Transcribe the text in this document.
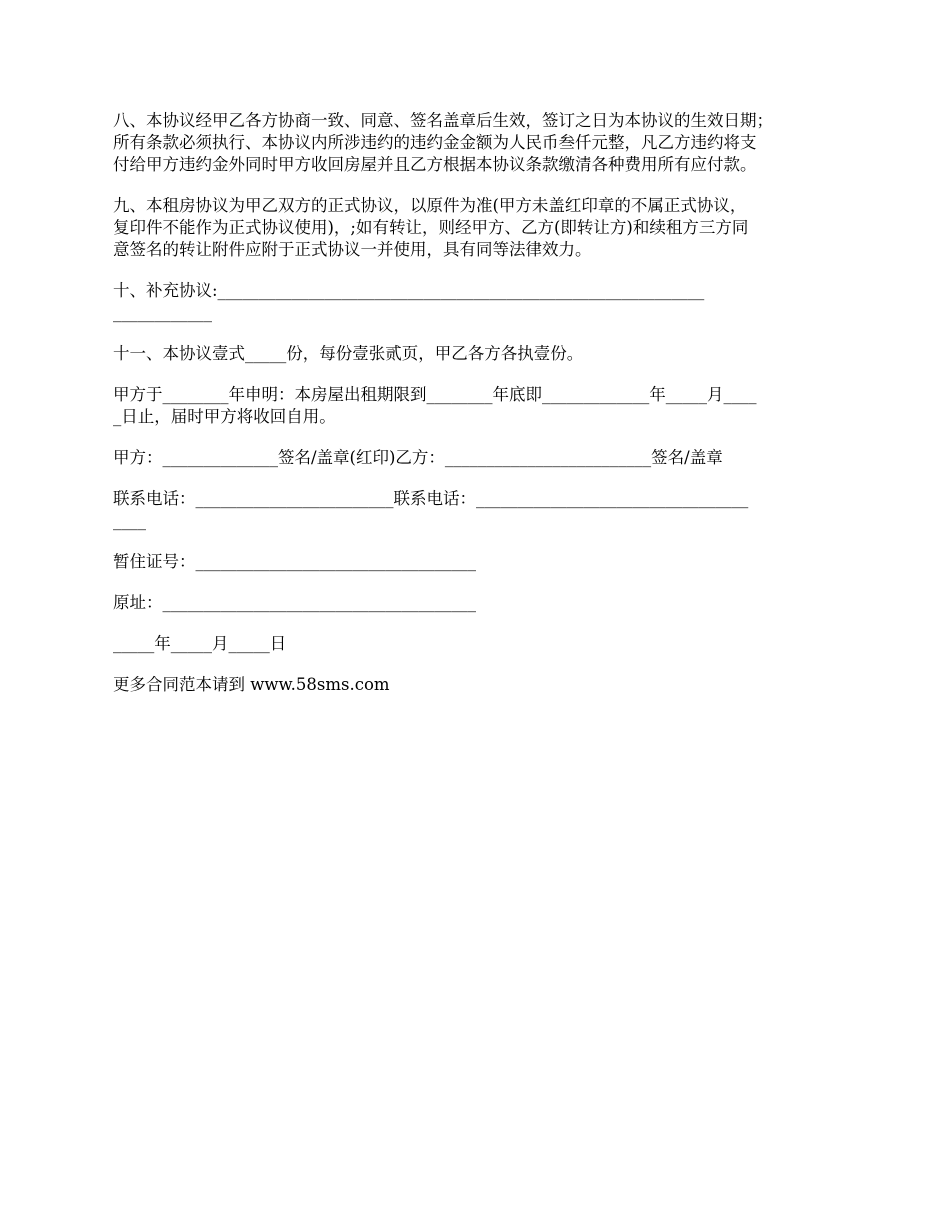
八、本协议经甲乙各方协商一致、同意、签名盖章后生效，签订之日为本协议的生效日期；
所有条款必须执行、本协议内所涉违约的违约金金额为人民币叁仟元整，凡乙方违约将支
付给甲方违约金外同时甲方收回房屋并且乙方根据本协议条款缴清各种费用所有应付款。
九、本租房协议为甲乙双方的正式协议，以原件为准(甲方未盖红印章的不属正式协议，
复印件不能作为正式协议使用)，;如有转让，则经甲方、乙方(即转让方)和续租方三方同
意签名的转让附件应附于正式协议一并使用，具有同等法律效力。
十、补充协议:___________________________________________________________
____________
十一、本协议壹式_____份，每份壹张贰页，甲乙各方各执壹份。
甲方于________年申明：本房屋出租期限到________年底即_____________年_____月____
_日止，届时甲方将收回自用。
甲方：______________签名/盖章(红印)乙方：_________________________签名/盖章
联系电话：________________________联系电话：_________________________________
____
暂住证号：__________________________________
原址：______________________________________
_____年_____月_____日
更多合同范本请到 www.58sms.com
